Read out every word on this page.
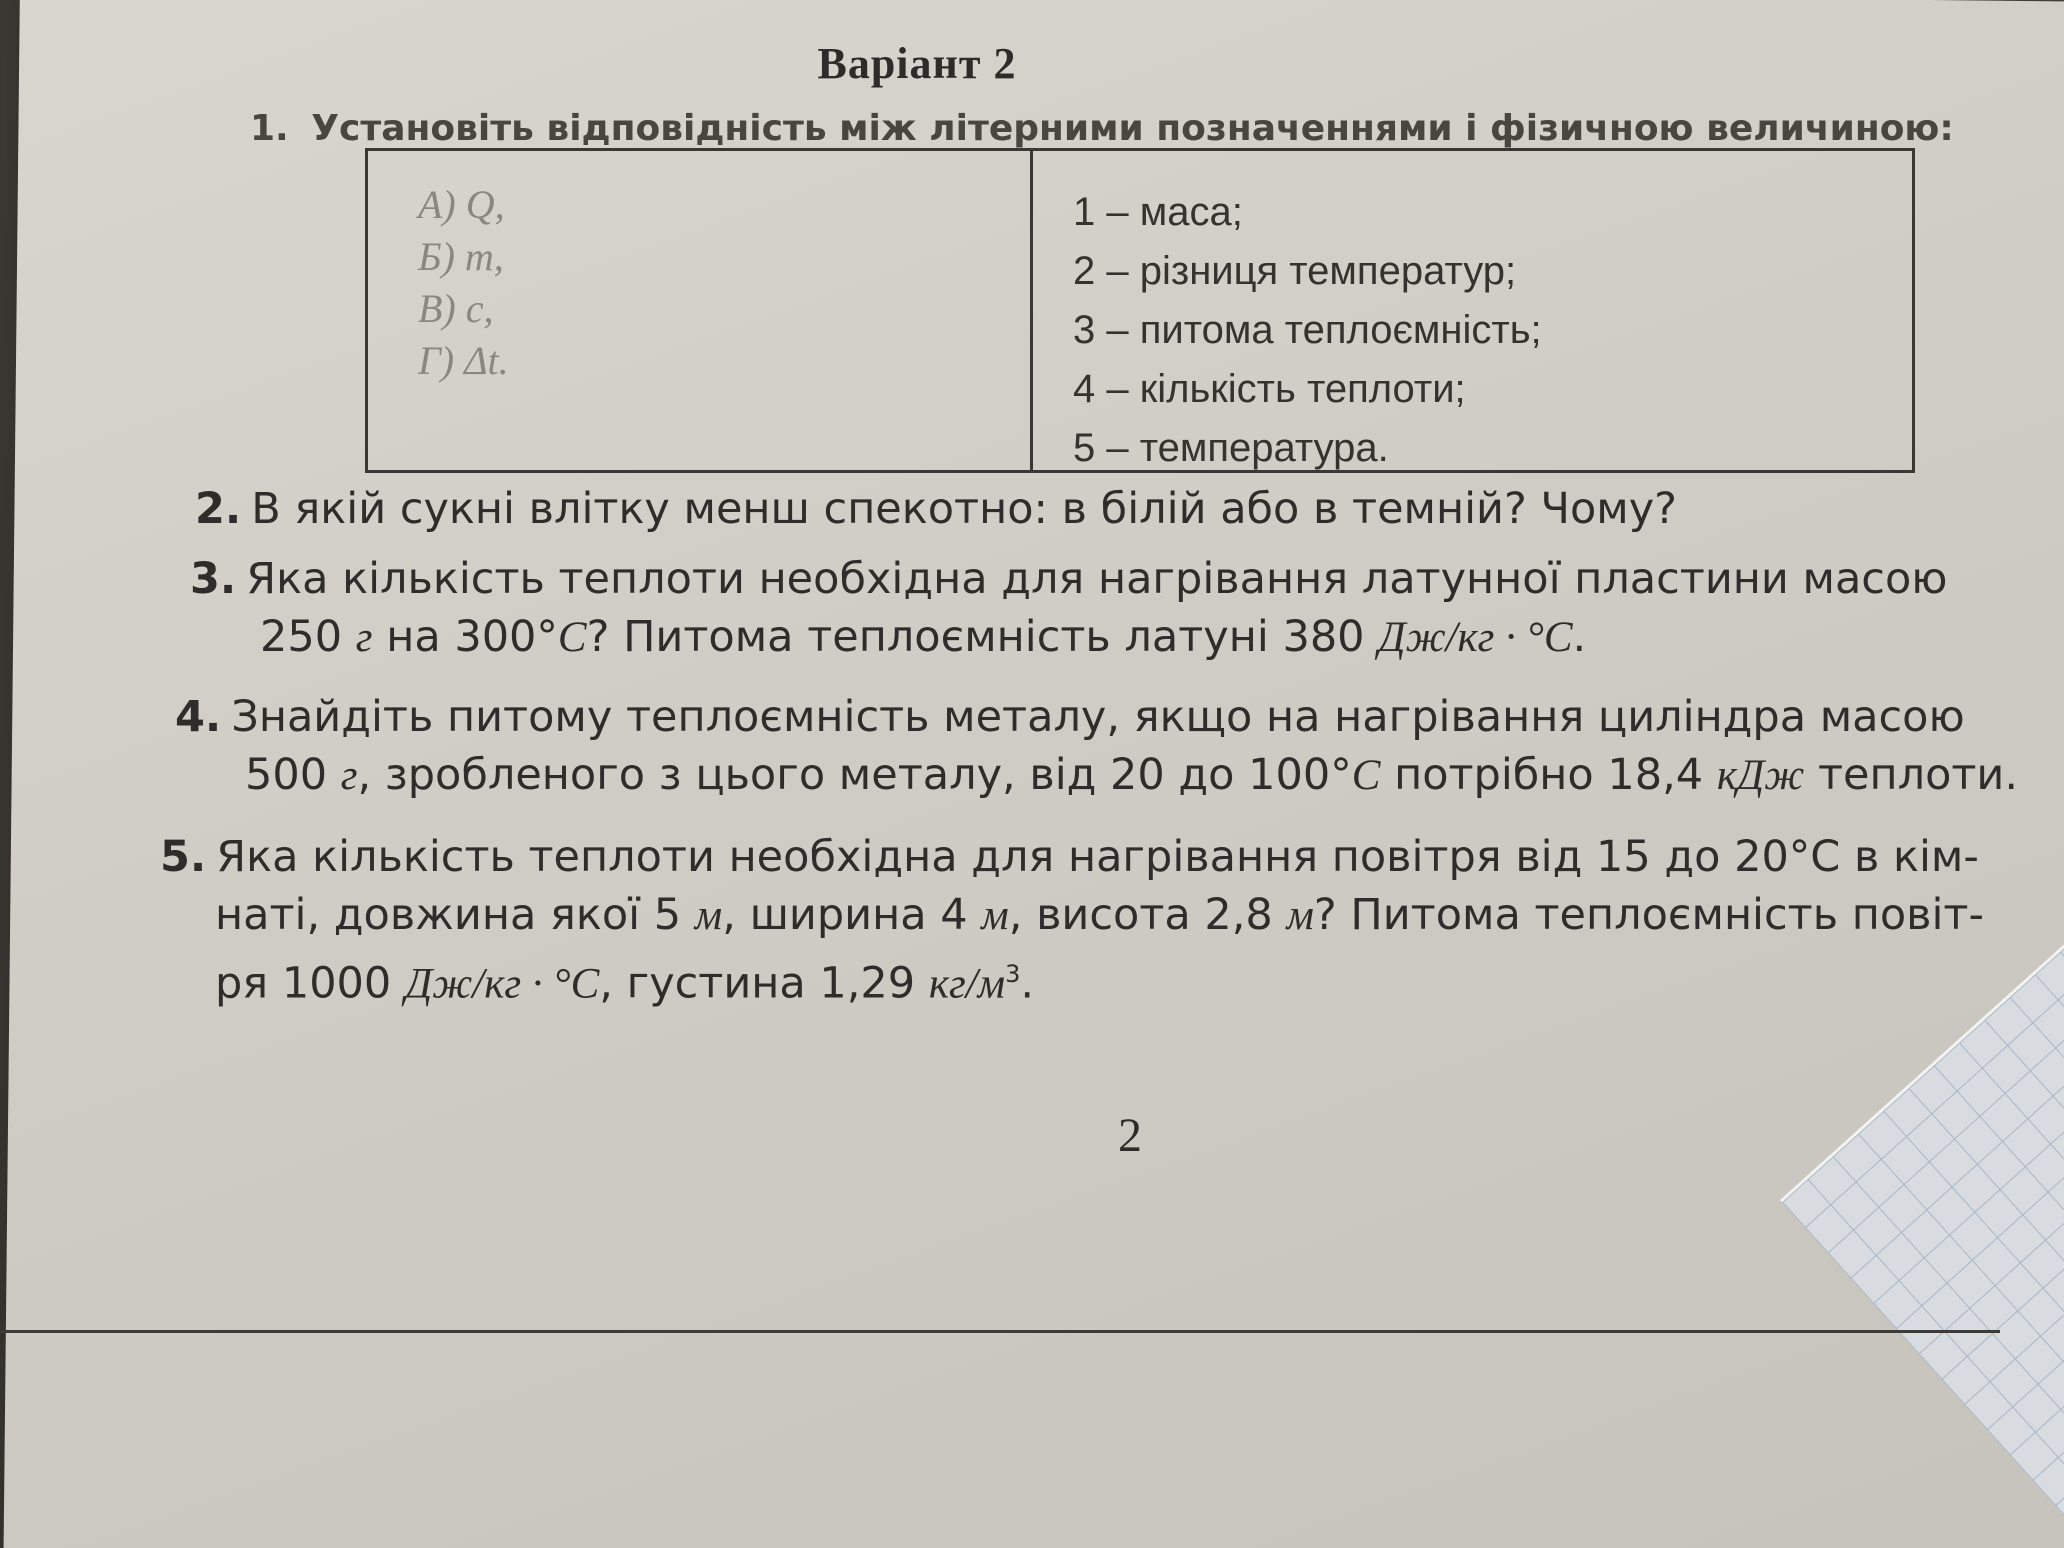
Варіант 2
1. Установіть відповідність між літерними позначеннями і фізичною величиною:
А) Q,
Б) m,
В) c,
Г) Δt.
1 – маса;
2 – різниця температур;
3 – питома теплоємність;
4 – кількість теплоти;
5 – температура.
2. В якій сукні влітку менш спекотно: в білій або в темній? Чому?
3. Яка кількість теплоти необхідна для нагрівання латунної пластини масою
250 г на 300°С? Питома теплоємність латуні 380 Дж/кг · °С.
4. Знайдіть питому теплоємність металу, якщо на нагрівання циліндра масою
500 г, зробленого з цього металу, від 20 до 100°С потрібно 18,4 кДж теплоти.
5. Яка кількість теплоти необхідна для нагрівання повітря від 15 до 20°С в кім-
наті, довжина якої 5 м, ширина 4 м, висота 2,8 м? Питома теплоємність повіт-
ря 1000 Дж/кг · °С, густина 1,29 $кг/м^3$.
2
